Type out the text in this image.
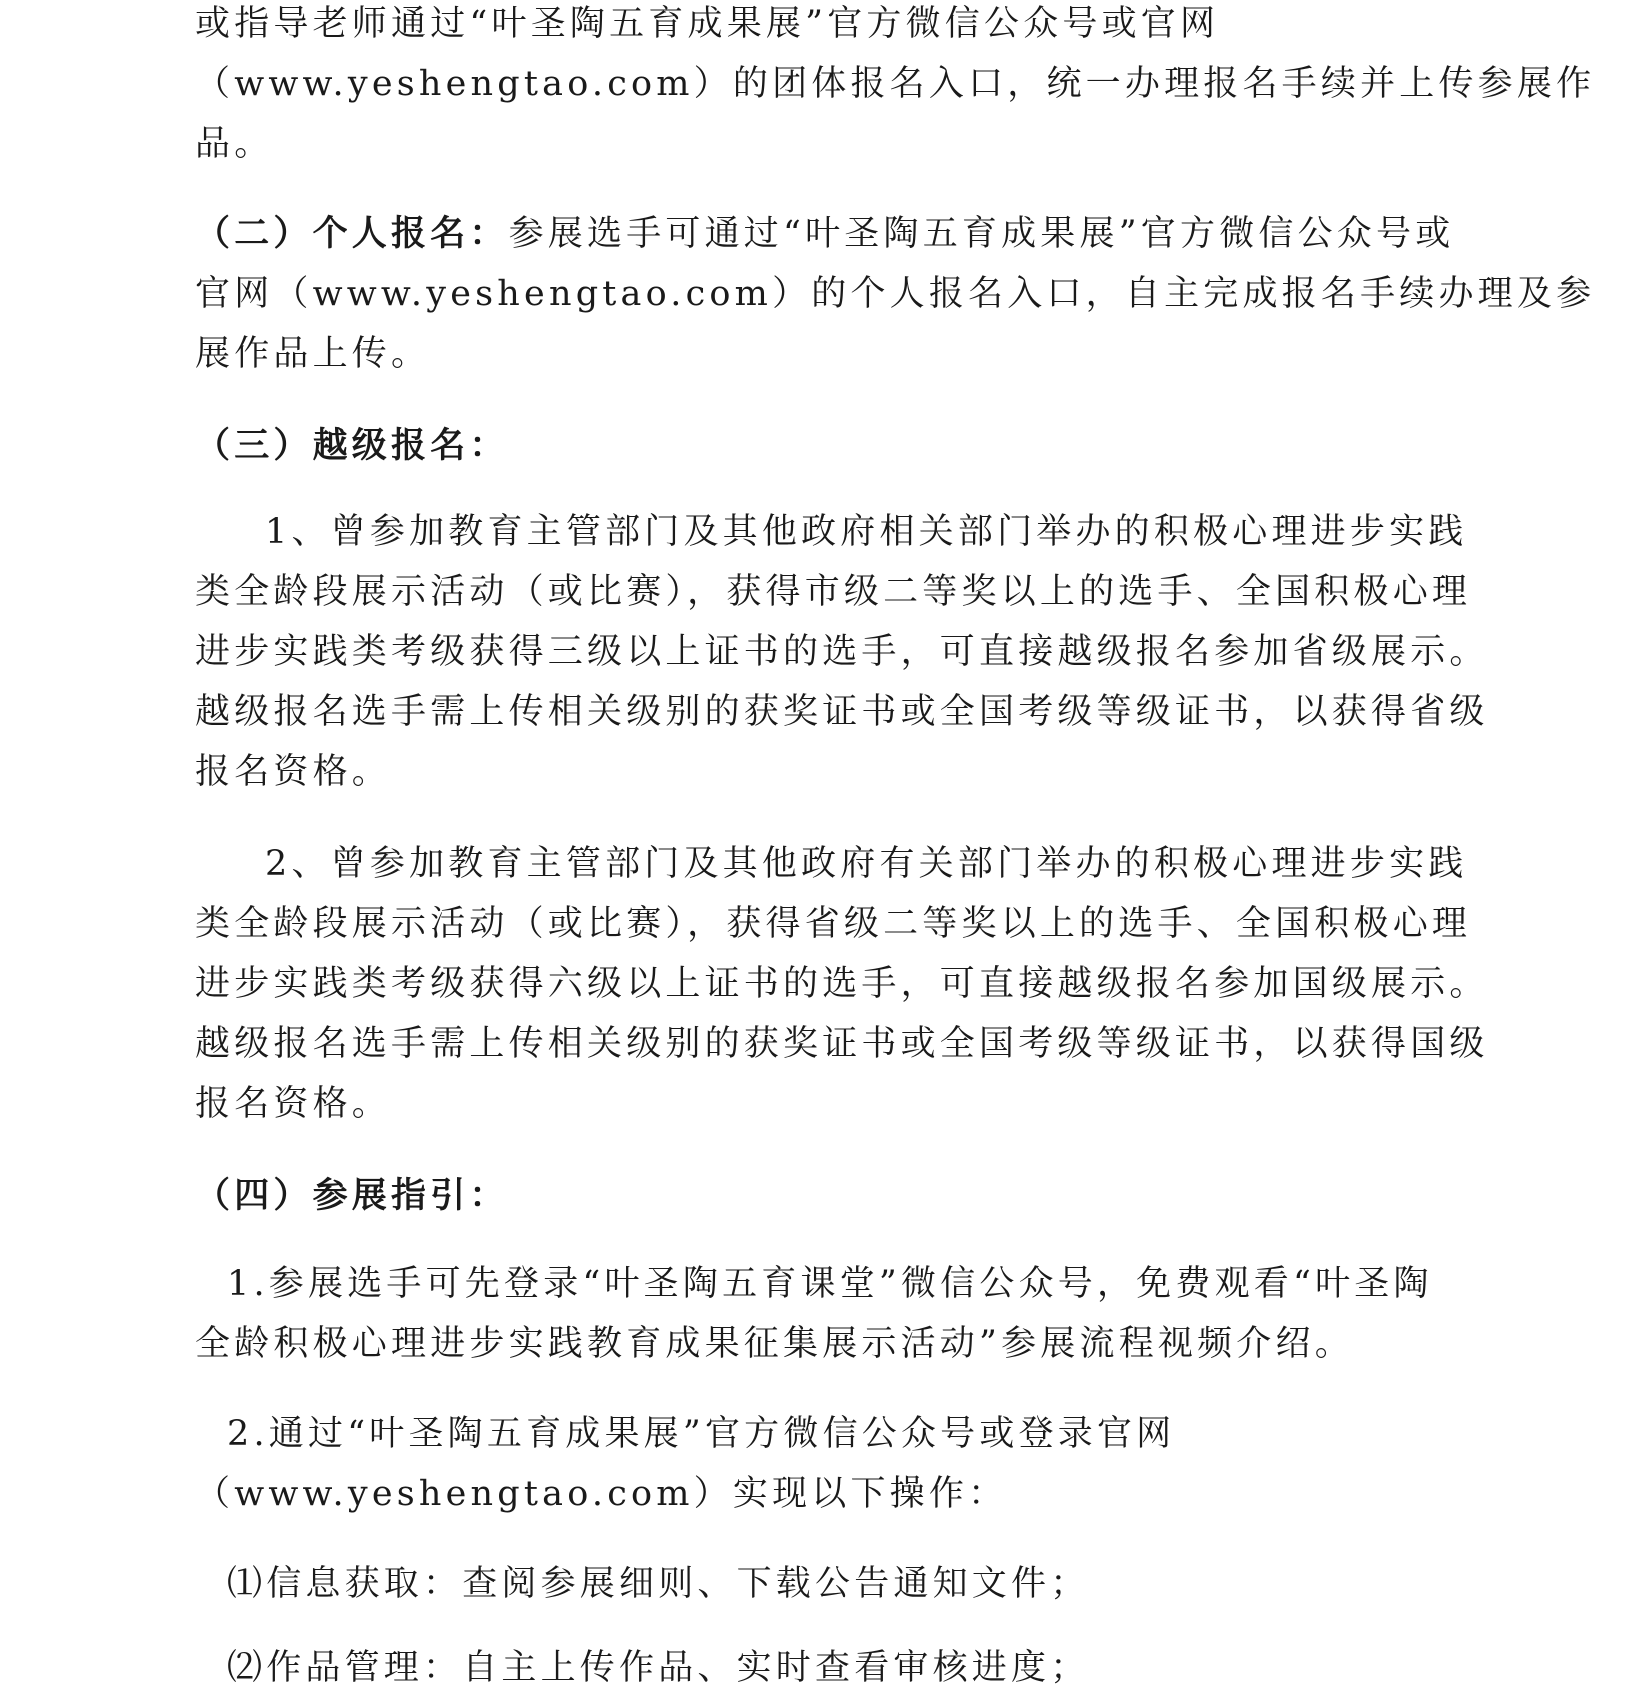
或指导老师通过“叶圣陶五育成果展”官方微信公众号或官网
（www.yeshengtao.com）的团体报名入口，统一办理报名手续并上传参展作
品。
（二）个人报名：参展选手可通过“叶圣陶五育成果展”官方微信公众号或
官网（www.yeshengtao.com）的个人报名入口，自主完成报名手续办理及参
展作品上传。
（三）越级报名：
1、曾参加教育主管部门及其他政府相关部门举办的积极心理进步实践
类全龄段展示活动（或比赛），获得市级二等奖以上的选手、全国积极心理
进步实践类考级获得三级以上证书的选手，可直接越级报名参加省级展示。
越级报名选手需上传相关级别的获奖证书或全国考级等级证书，以获得省级
报名资格。
2、曾参加教育主管部门及其他政府有关部门举办的积极心理进步实践
类全龄段展示活动（或比赛），获得省级二等奖以上的选手、全国积极心理
进步实践类考级获得六级以上证书的选手，可直接越级报名参加国级展示。
越级报名选手需上传相关级别的获奖证书或全国考级等级证书，以获得国级
报名资格。
（四）参展指引：
1.参展选手可先登录“叶圣陶五育课堂”微信公众号，免费观看“叶圣陶
全龄积极心理进步实践教育成果征集展示活动”参展流程视频介绍。
2.通过“叶圣陶五育成果展”官方微信公众号或登录官网
（www.yeshengtao.com）实现以下操作：
⑴信息获取：查阅参展细则、下载公告通知文件；
⑵作品管理：自主上传作品、实时查看审核进度；
